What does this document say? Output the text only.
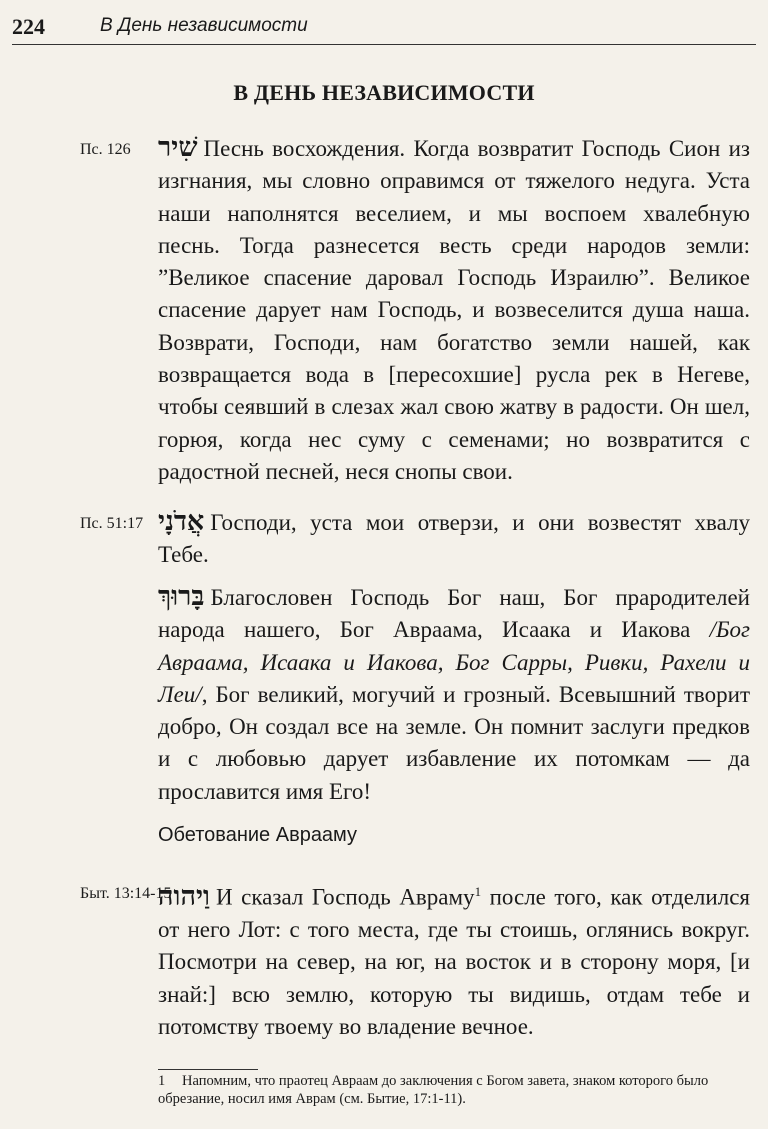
224	В День независимости
В ДЕНЬ НЕЗАВИСИМОСТИ
Пс. 126 שִׁיר Песнь восхождения. Когда возвратит Господь Сион из изгнания, мы словно оправимся от тяжелого недуга. Уста наши наполнятся веселием, и мы воспоем хвалебную песнь. Тогда разнесется весть среди народов земли: ”Великое спасение даровал Господь Израилю”. Великое спасение дарует нам Господь, и возвеселится душа наша. Возврати, Господи, нам богатство земли нашей, как возвращается вода в [пересохшие] русла рек в Негеве, чтобы сеявший в слезах жал свою жатву в радости. Он шел, горюя, когда нес суму с семенами; но возвратится с радостной песней, неся снопы свои.

Пс. 51:17 אֲדֹנָי Господи, уста мои отверзи, и они возвестят хвалу Тебе.

בָּרוּךְ Благословен Господь Бог наш, Бог прародителей народа нашего, Бог Авраама, Исаака и Иакова /Бог Авраама, Исаака и Иакова, Бог Сарры, Ривки, Рахели и Леи/, Бог великий, могучий и грозный. Всевышний творит добро, Он создал все на земле. Он помнит заслуги предков и с любовью дарует избавление их потомкам — да прославится имя Его!

Обетование Аврааму
Быт. 13:14-15

וַיהוה И сказал Господь Авраму$^1$ после того, как отделился от него Лот: с того места, где ты стоишь, оглянись вокруг. Посмотри на север, на юг, на восток и в сторону моря, [и знай:] всю землю, которую ты видишь, отдам тебе и потомству твоему во владение вечное.

1 Напомним, что праотец Авраам до заключения с Богом завета, знаком которого было обрезание, носил имя Аврам (см. Бытие, 17:1-11).
